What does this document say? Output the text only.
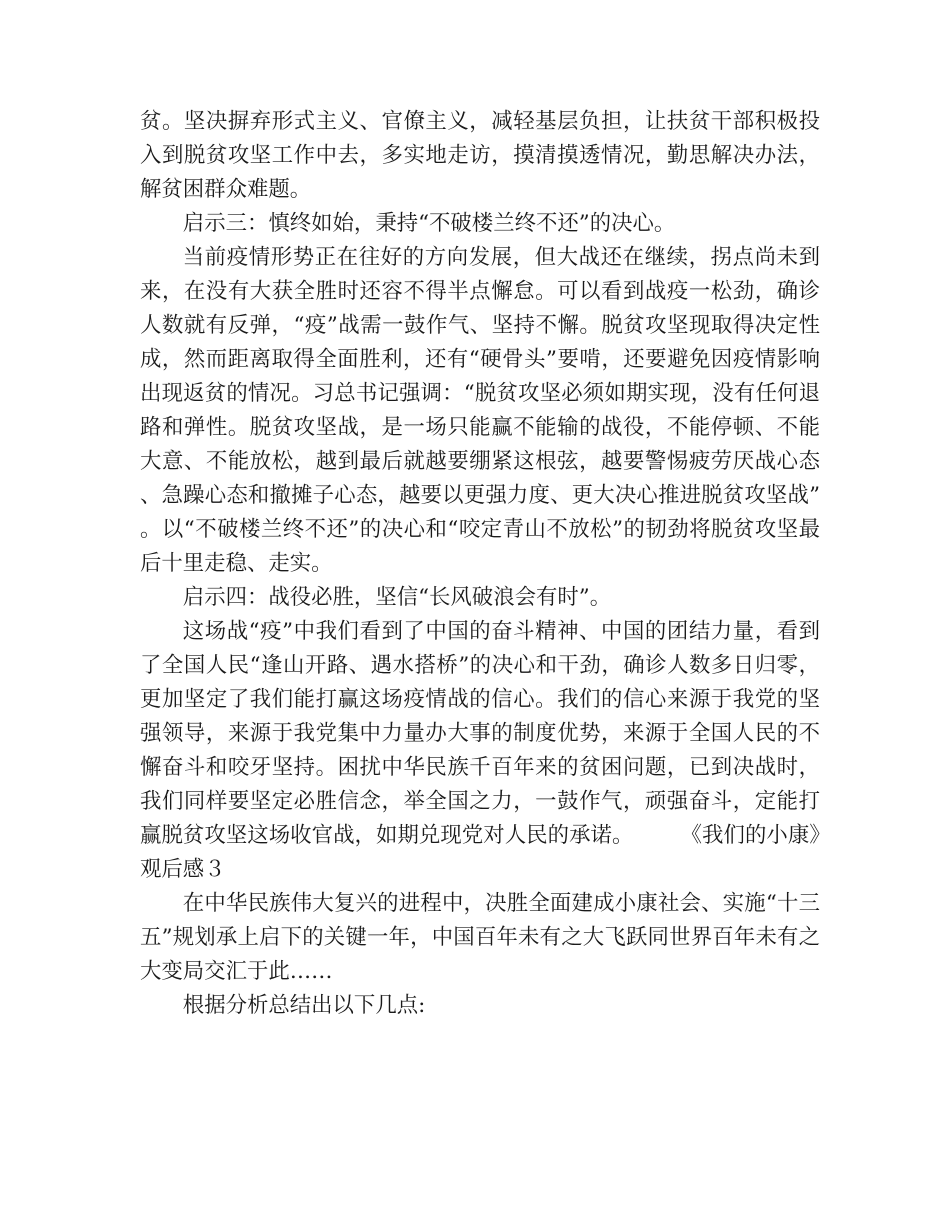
贫。坚决摒弃形式主义、官僚主义，减轻基层负担，让扶贫干部积极投入到脱贫攻坚工作中去，多实地走访，摸清摸透情况，勤思解决办法，解贫困群众难题。

启示三：慎终如始，秉持“不破楼兰终不还”的决心。

当前疫情形势正在往好的方向发展，但大战还在继续，拐点尚未到来，在没有大获全胜时还容不得半点懈怠。可以看到战疫一松劲，确诊人数就有反弹，“疫”战需一鼓作气、坚持不懈。脱贫攻坚现取得决定性成，然而距离取得全面胜利，还有“硬骨头”要啃，还要避免因疫情影响出现返贫的情况。习总书记强调：“脱贫攻坚必须如期实现，没有任何退路和弹性。脱贫攻坚战，是一场只能赢不能输的战役，不能停顿、不能大意、不能放松，越到最后就越要绷紧这根弦，越要警惕疲劳厌战心态、急躁心态和撤摊子心态，越要以更强力度、更大决心推进脱贫攻坚战”。以“不破楼兰终不还”的决心和“咬定青山不放松”的韧劲将脱贫攻坚最后十里走稳、走实。

启示四：战役必胜，坚信“长风破浪会有时”。

这场战“疫”中我们看到了中国的奋斗精神、中国的团结力量，看到了全国人民“逢山开路、遇水搭桥”的决心和干劲，确诊人数多日归零，更加坚定了我们能打赢这场疫情战的信心。我们的信心来源于我党的坚强领导，来源于我党集中力量办大事的制度优势，来源于全国人民的不懈奋斗和咬牙坚持。困扰中华民族千百年来的贫困问题，已到决战时，我们同样要坚定必胜信念，举全国之力，一鼓作气，顽强奋斗，定能打赢脱贫攻坚这场收官战，如期兑现党对人民的承诺。 《我们的小康》观后感３

在中华民族伟大复兴的进程中，决胜全面建成小康社会、实施“十三五”规划承上启下的关键一年，中国百年未有之大飞跃同世界百年未有之大变局交汇于此……

根据分析总结出以下几点:
